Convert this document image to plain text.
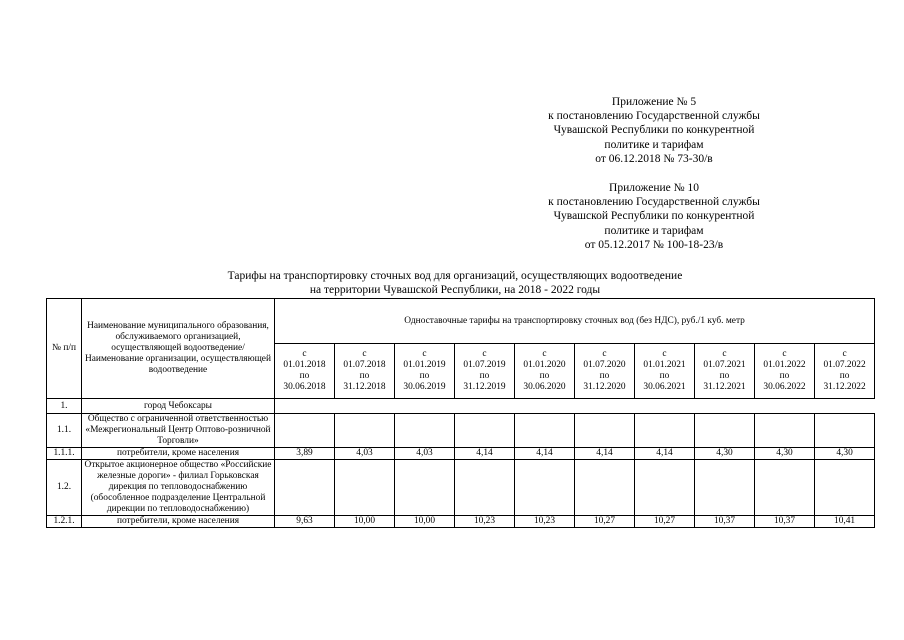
Приложение № 5
к постановлению Государственной службы
Чувашской Республики по конкурентной
политике и тарифам
от 06.12.2018 № 73-30/в
Приложение № 10
к постановлению Государственной службы
Чувашской Республики по конкурентной
политике и тарифам
от 05.12.2017 № 100-18-23/в
Тарифы на транспортировку сточных вод для организаций, осуществляющих водоотведение
на территории Чувашской Республики, на 2018 - 2022 годы
№ п/п	Наименование муниципального образования, обслуживаемого организацией, осуществляющей водоотведение/ Наименование организации, осуществляющей водоотведение	Одноставочные тарифы на транспортировку сточных вод (без НДС), руб./1 куб. метр									

		с
01.01.2018
по
30.06.2018	с
01.07.2018
по
31.12.2018	с
01.01.2019
по
30.06.2019	с
01.07.2019
по
31.12.2019	с
01.01.2020
по
30.06.2020	с
01.07.2020
по
31.12.2020	с
01.01.2021
по
30.06.2021	с
01.07.2021
по
31.12.2021	с
01.01.2022
по
30.06.2022	с
01.07.2022
по
31.12.2022

1.	город Чебоксары										
1.1.	Общество с ограниченной ответственностью «Межрегиональный Центр Оптово-розничной Торговли»										
1.1.1.	потребители, кроме населения	3,89	4,03	4,03	4,14	4,14	4,14	4,14	4,30	4,30	4,30
1.2.	Открытое акционерное общество «Российские железные дороги» - филиал Горьковская дирекция по тепловодоснабжению (обособленное подразделение Центральной дирекции по тепловодоснабжению)										
1.2.1.	потребители, кроме населения	9,63	10,00	10,00	10,23	10,23	10,27	10,27	10,37	10,37	10,41
